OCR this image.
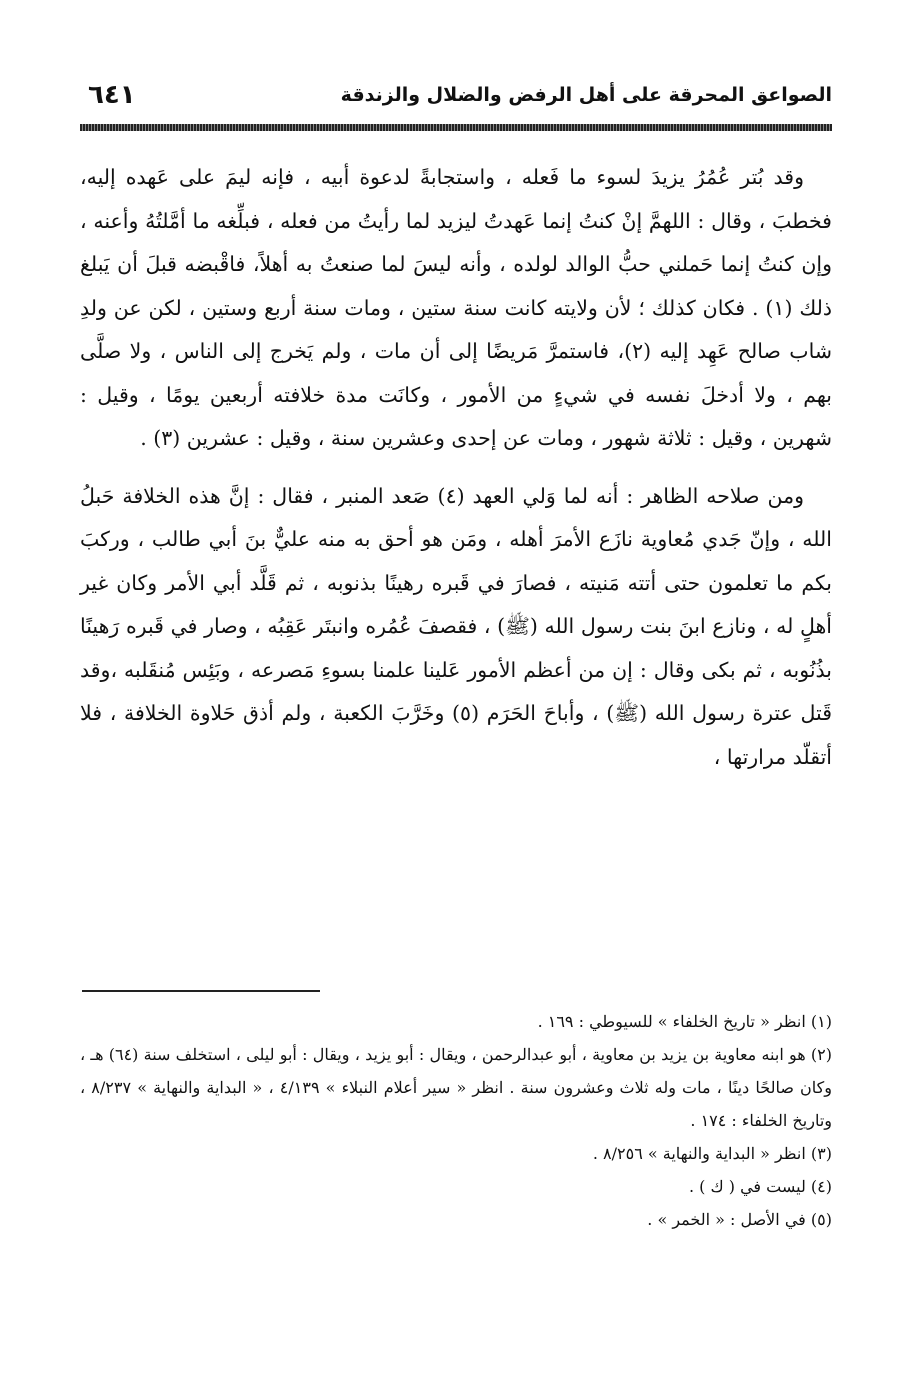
الصواعق المحرقة على أهل الرفض والضلال والزندقة
٦٤١

وقد بُتر عُمُرُ يزيدَ لسوء ما فَعله ، واستجابةً لدعوة أبيه ، فإنه ليمَ على عَهده إليه، فخطبَ ، وقال : اللهمَّ إنْ كنتُ إنما عَهدتُ ليزيد لما رأيتُ من فعله ، فبلِّغه ما أمَّلتُهُ وأعنه ، وإن كنتُ إنما حَملني حبُّ الوالد لولده ، وأنه ليسَ لما صنعتُ به أهلاً، فاقْبضه قبلَ أن يَبلغ ذلك (١) . فكان كذلك ؛ لأن ولايته كانت سنة ستين ، ومات سنة أربع وستين ، لكن عن ولدِ شاب صالح عَهِد إليه (٢)، فاستمرَّ مَريضًا إلى أن مات ، ولم يَخرج إلى الناس ، ولا صلَّى بهم ، ولا أدخلَ نفسه في شيءٍ من الأمور ، وكانَت مدة خلافته أربعين يومًا ، وقيل : شهرين ، وقيل : ثلاثة شهور ، ومات عن إحدى وعشرين سنة ، وقيل : عشرين (٣) .

ومن صلاحه الظاهر : أنه لما وَلي العهد (٤) صَعد المنبر ، فقال : إنَّ هذه الخلافة حَبلُ الله ، وإنّ جَدي مُعاوية نازَع الأمرَ أهله ، ومَن هو أحق به منه عليٌّ بنَ أبي طالب ، وركبَ بكم ما تعلمون حتى أتته مَنيته ، فصارَ في قَبره رهينًا بذنوبه ، ثم قَلَّد أبي الأمر وكان غير أهلٍ له ، ونازع ابنَ بنت رسول الله (ﷺ) ، فقصفَ عُمُره وانبتَر عَقِبُه ، وصار في قَبره رَهينًا بذُنُوبه ، ثم بكى وقال : إن من أعظم الأمور عَلينا علمنا بسوءِ مَصرعه ، وبَئِس مُنقَلبه ،وقد قَتل عترة رسول الله (ﷺ) ، وأباحَ الحَرَم (٥) وخَرَّبَ الكعبة ، ولم أذق حَلاوة الخلافة ، فلا أتقلّد مرارتها ،

(١) انظر « تاريخ الخلفاء » للسيوطي : ١٦٩ .
(٢) هو ابنه معاوية بن يزيد بن معاوية ، أبو عبدالرحمن ، ويقال : أبو يزيد ، ويقال : أبو ليلى ، استخلف سنة (٦٤) هـ ، وكان صالحًا دينًا ، مات وله ثلاث وعشرون سنة . انظر « سير أعلام النبلاء » ٤/١٣٩ ، « البداية والنهاية » ٨/٢٣٧ ، وتاريخ الخلفاء : ١٧٤ .
(٣) انظر « البداية والنهاية » ٨/٢٥٦ .
(٤) ليست في ( ك ) .
(٥) في الأصل : « الخمر » .
